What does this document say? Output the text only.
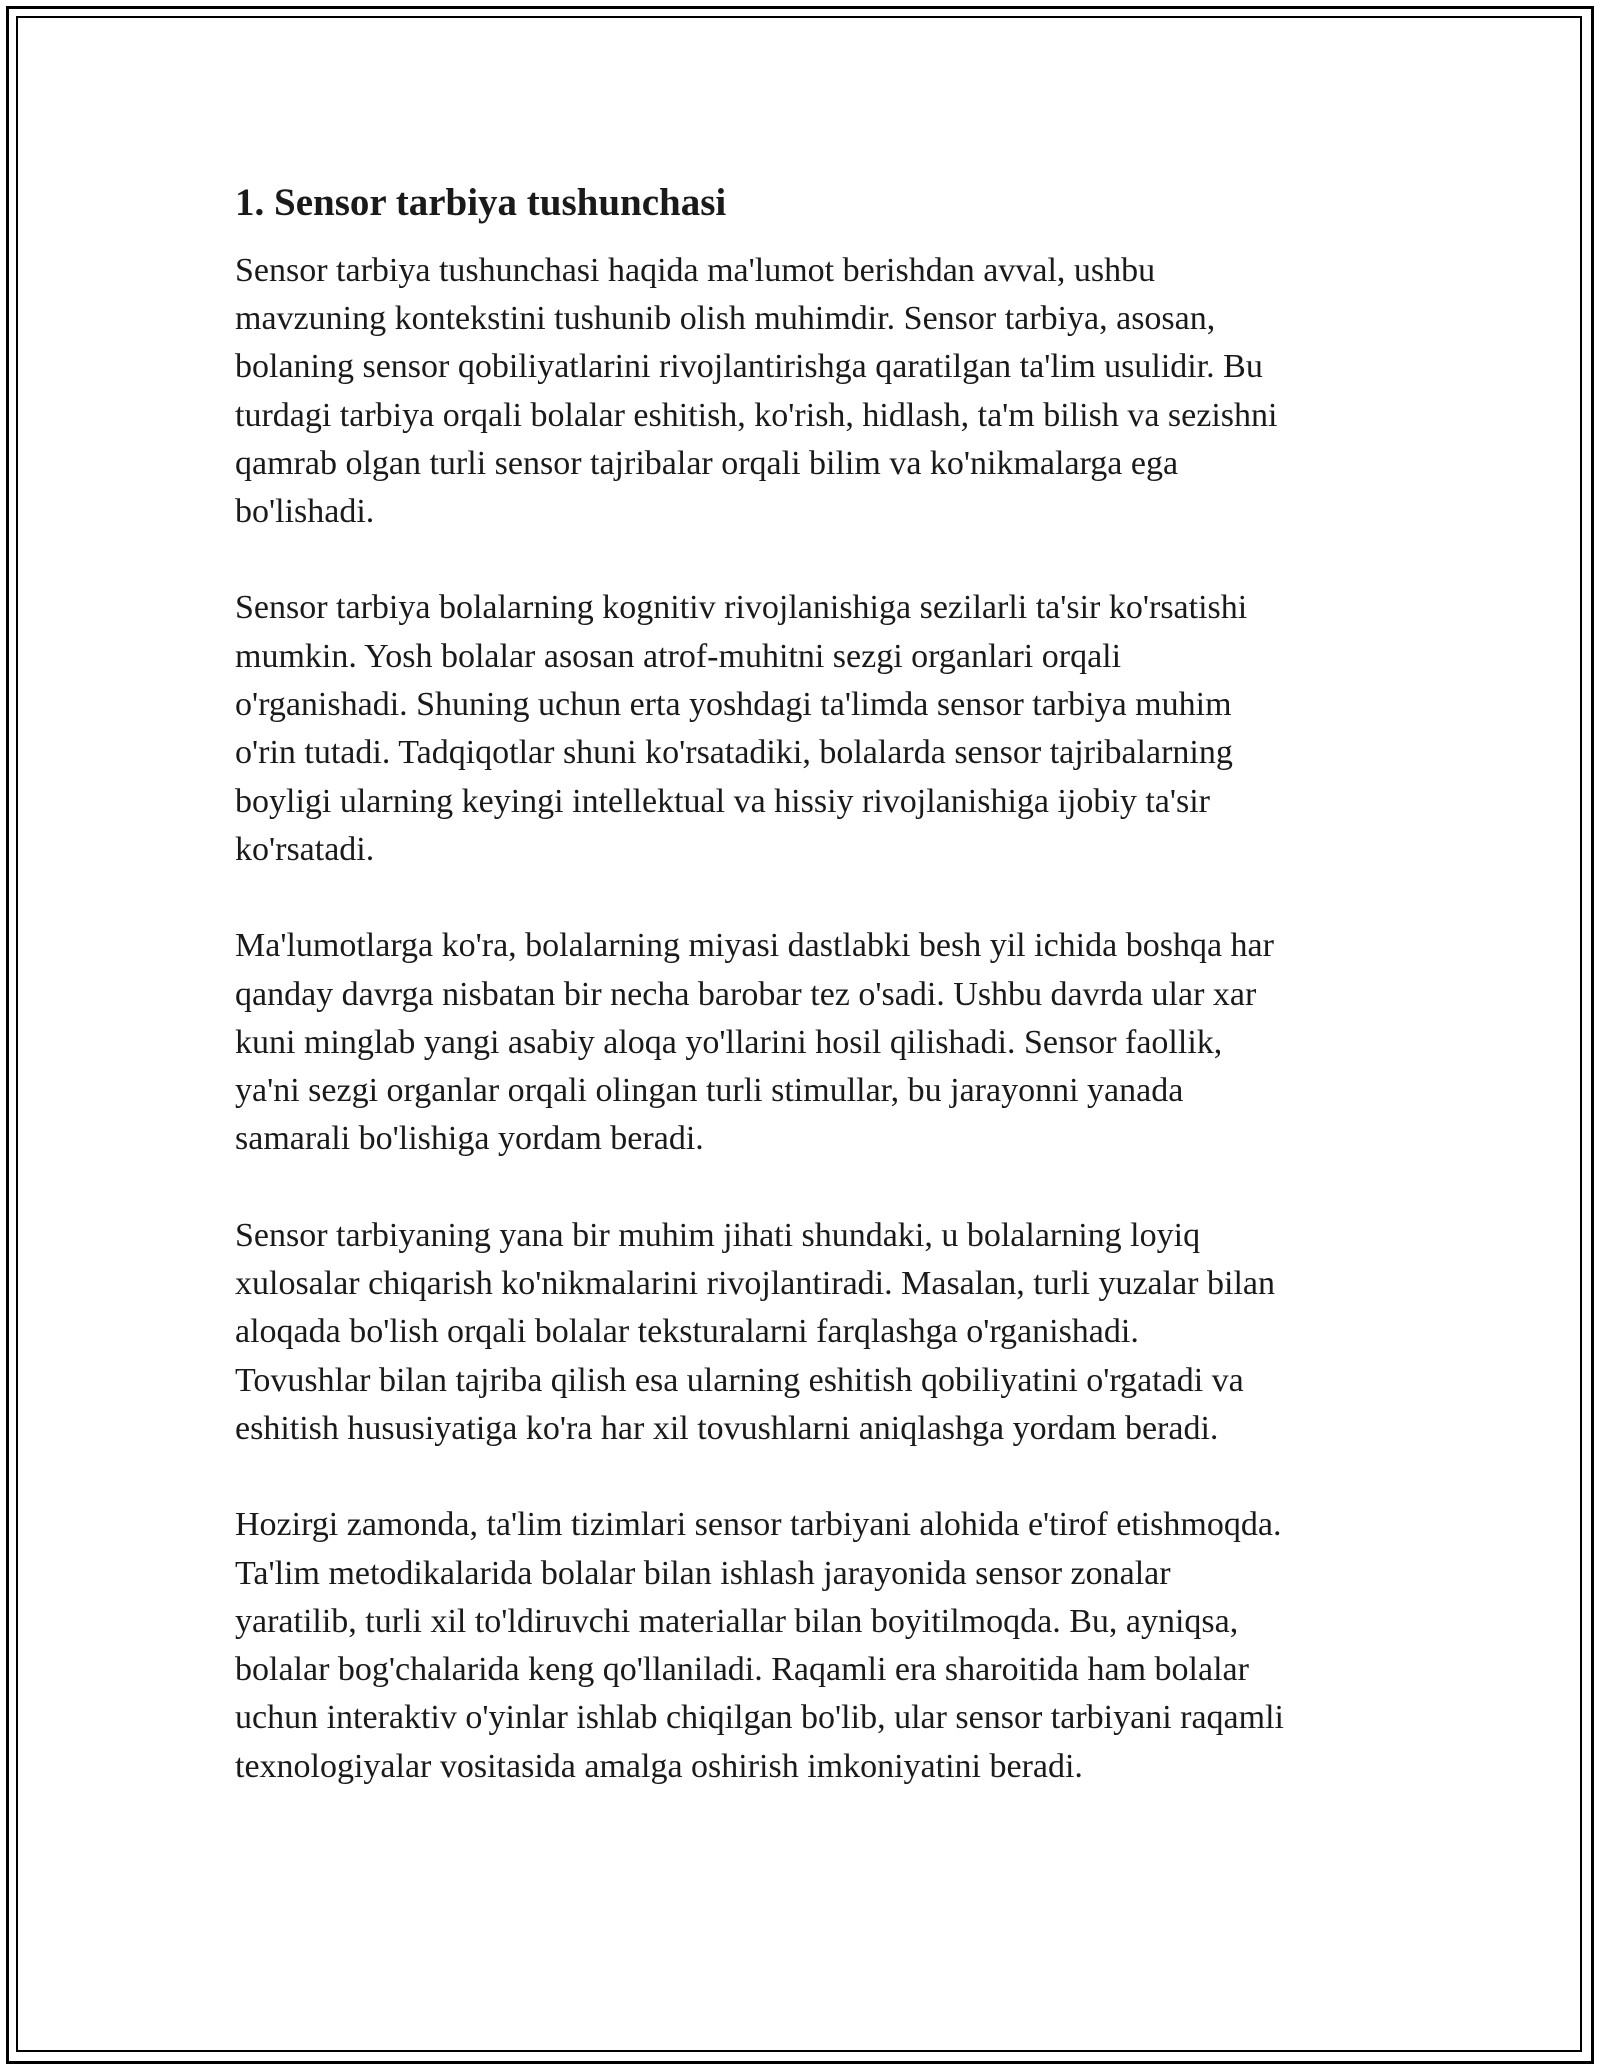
1. Sensor tarbiya tushunchasi

Sensor tarbiya tushunchasi haqida ma'lumot berishdan avval, ushbu
mavzuning kontekstini tushunib olish muhimdir. Sensor tarbiya, asosan,
bolaning sensor qobiliyatlarini rivojlantirishga qaratilgan ta'lim usulidir. Bu
turdagi tarbiya orqali bolalar eshitish, ko'rish, hidlash, ta'm bilish va sezishni
qamrab olgan turli sensor tajribalar orqali bilim va ko'nikmalarga ega
bo'lishadi.

Sensor tarbiya bolalarning kognitiv rivojlanishiga sezilarli ta'sir ko'rsatishi
mumkin. Yosh bolalar asosan atrof-muhitni sezgi organlari orqali
o'rganishadi. Shuning uchun erta yoshdagi ta'limda sensor tarbiya muhim
o'rin tutadi. Tadqiqotlar shuni ko'rsatadiki, bolalarda sensor tajribalarning
boyligi ularning keyingi intellektual va hissiy rivojlanishiga ijobiy ta'sir
ko'rsatadi.

Ma'lumotlarga ko'ra, bolalarning miyasi dastlabki besh yil ichida boshqa har
qanday davrga nisbatan bir necha barobar tez o'sadi. Ushbu davrda ular xar
kuni minglab yangi asabiy aloqa yo'llarini hosil qilishadi. Sensor faollik,
ya'ni sezgi organlar orqali olingan turli stimullar, bu jarayonni yanada
samarali bo'lishiga yordam beradi.

Sensor tarbiyaning yana bir muhim jihati shundaki, u bolalarning loyiq
xulosalar chiqarish ko'nikmalarini rivojlantiradi. Masalan, turli yuzalar bilan
aloqada bo'lish orqali bolalar teksturalarni farqlashga o'rganishadi.
Tovushlar bilan tajriba qilish esa ularning eshitish qobiliyatini o'rgatadi va
eshitish hususiyatiga ko'ra har xil tovushlarni aniqlashga yordam beradi.

Hozirgi zamonda, ta'lim tizimlari sensor tarbiyani alohida e'tirof etishmoqda.
Ta'lim metodikalarida bolalar bilan ishlash jarayonida sensor zonalar
yaratilib, turli xil to'ldiruvchi materiallar bilan boyitilmoqda. Bu, ayniqsa,
bolalar bog'chalarida keng qo'llaniladi. Raqamli era sharoitida ham bolalar
uchun interaktiv o'yinlar ishlab chiqilgan bo'lib, ular sensor tarbiyani raqamli
texnologiyalar vositasida amalga oshirish imkoniyatini beradi.
